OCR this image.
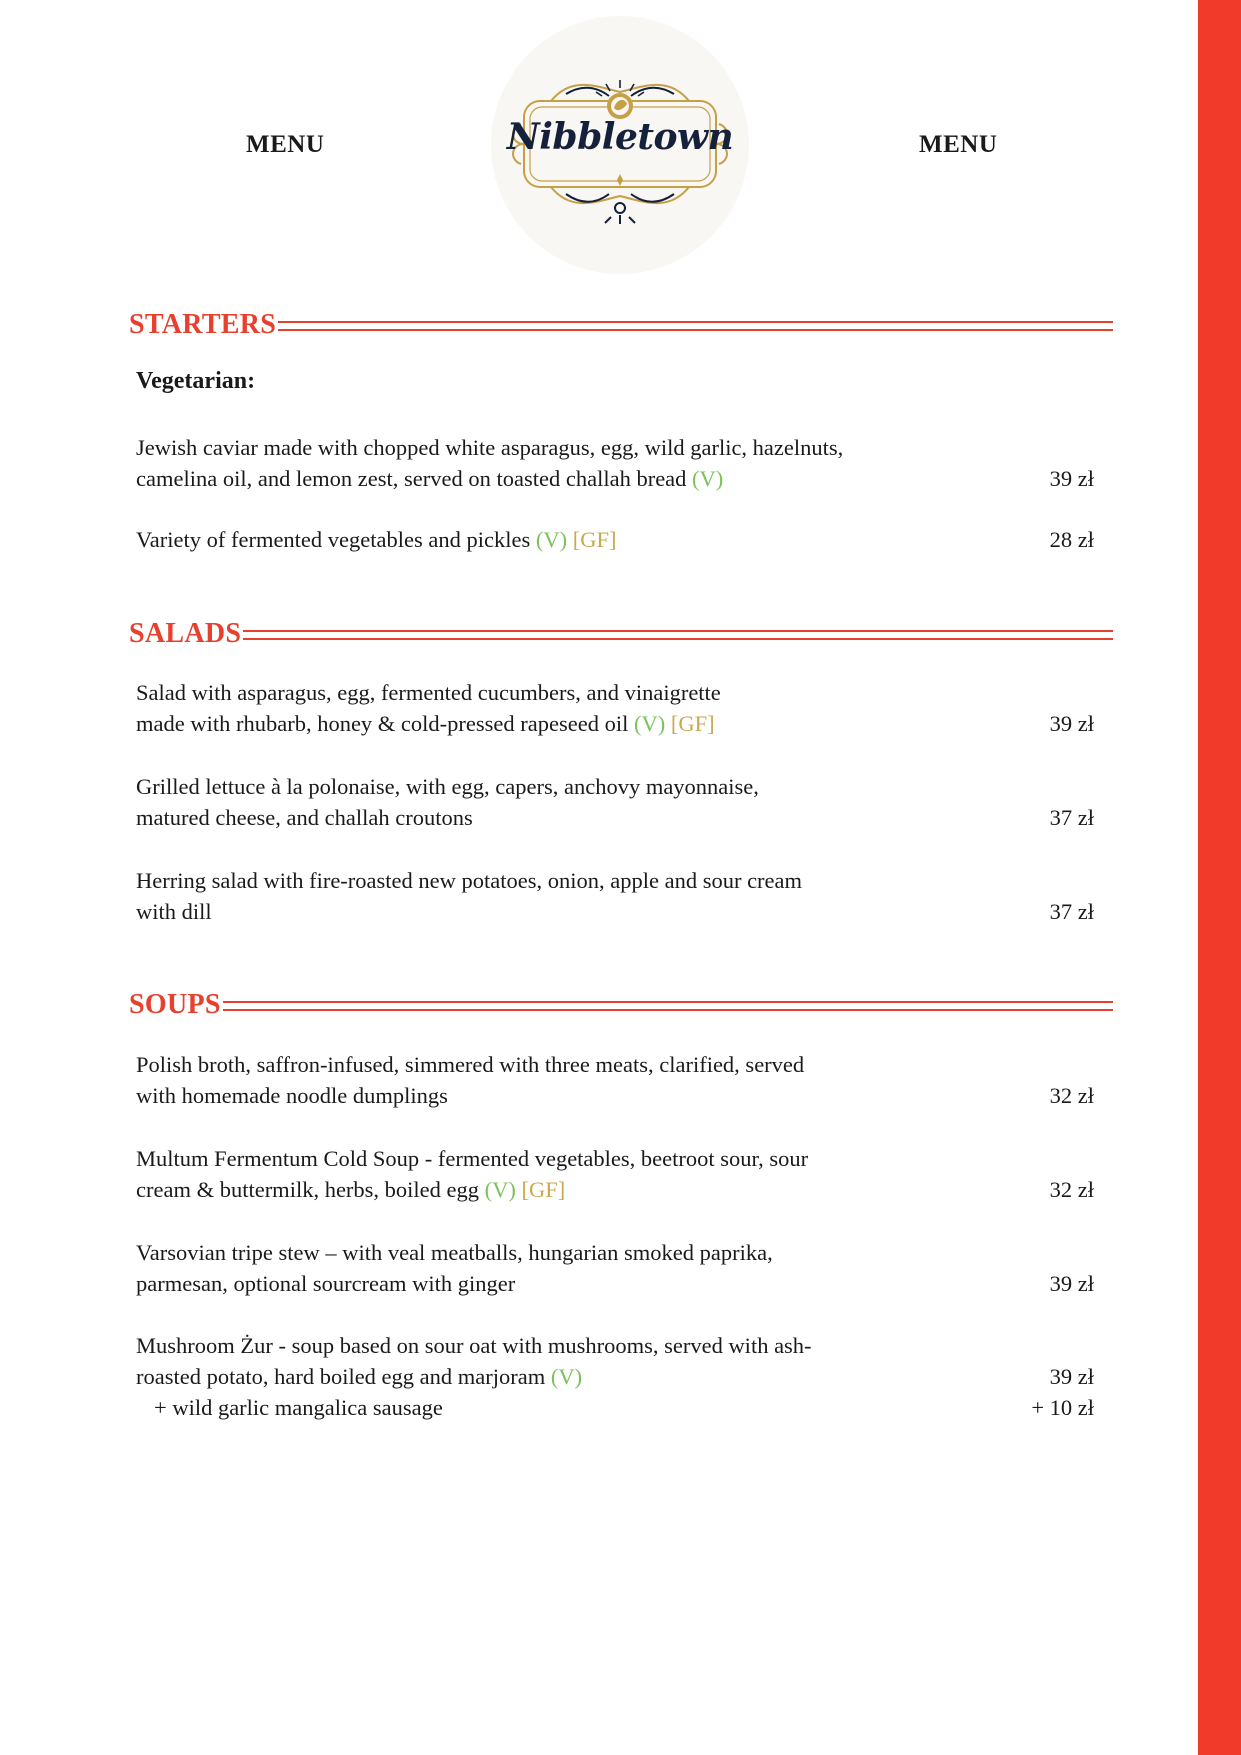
MENU	MENU
Nibbletown
STARTERS
Vegetarian:
Jewish caviar made with chopped white asparagus, egg, wild garlic, hazelnuts,
camelina oil, and lemon zest, served on toasted challah bread (V)	39 zł
Variety of fermented vegetables and pickles (V) [GF]	28 zł
SALADS
Salad with asparagus, egg, fermented cucumbers, and vinaigrette
made with rhubarb, honey & cold-pressed rapeseed oil (V) [GF]	39 zł
Grilled lettuce à la polonaise, with egg, capers, anchovy mayonnaise,
matured cheese, and challah croutons	37 zł
Herring salad with fire-roasted new potatoes, onion, apple and sour cream
with dill	37 zł
SOUPS
Polish broth, saffron-infused, simmered with three meats, clarified, served
with homemade noodle dumplings	32 zł
Multum Fermentum Cold Soup - fermented vegetables, beetroot sour, sour
cream & buttermilk, herbs, boiled egg (V) [GF]	32 zł
Varsovian tripe stew – with veal meatballs, hungarian smoked paprika,
parmesan, optional sourcream with ginger	39 zł
Mushroom Żur - soup based on sour oat with mushrooms, served with ash-
roasted potato, hard boiled egg and marjoram (V)	39 zł
+ wild garlic mangalica sausage	+ 10 zł
